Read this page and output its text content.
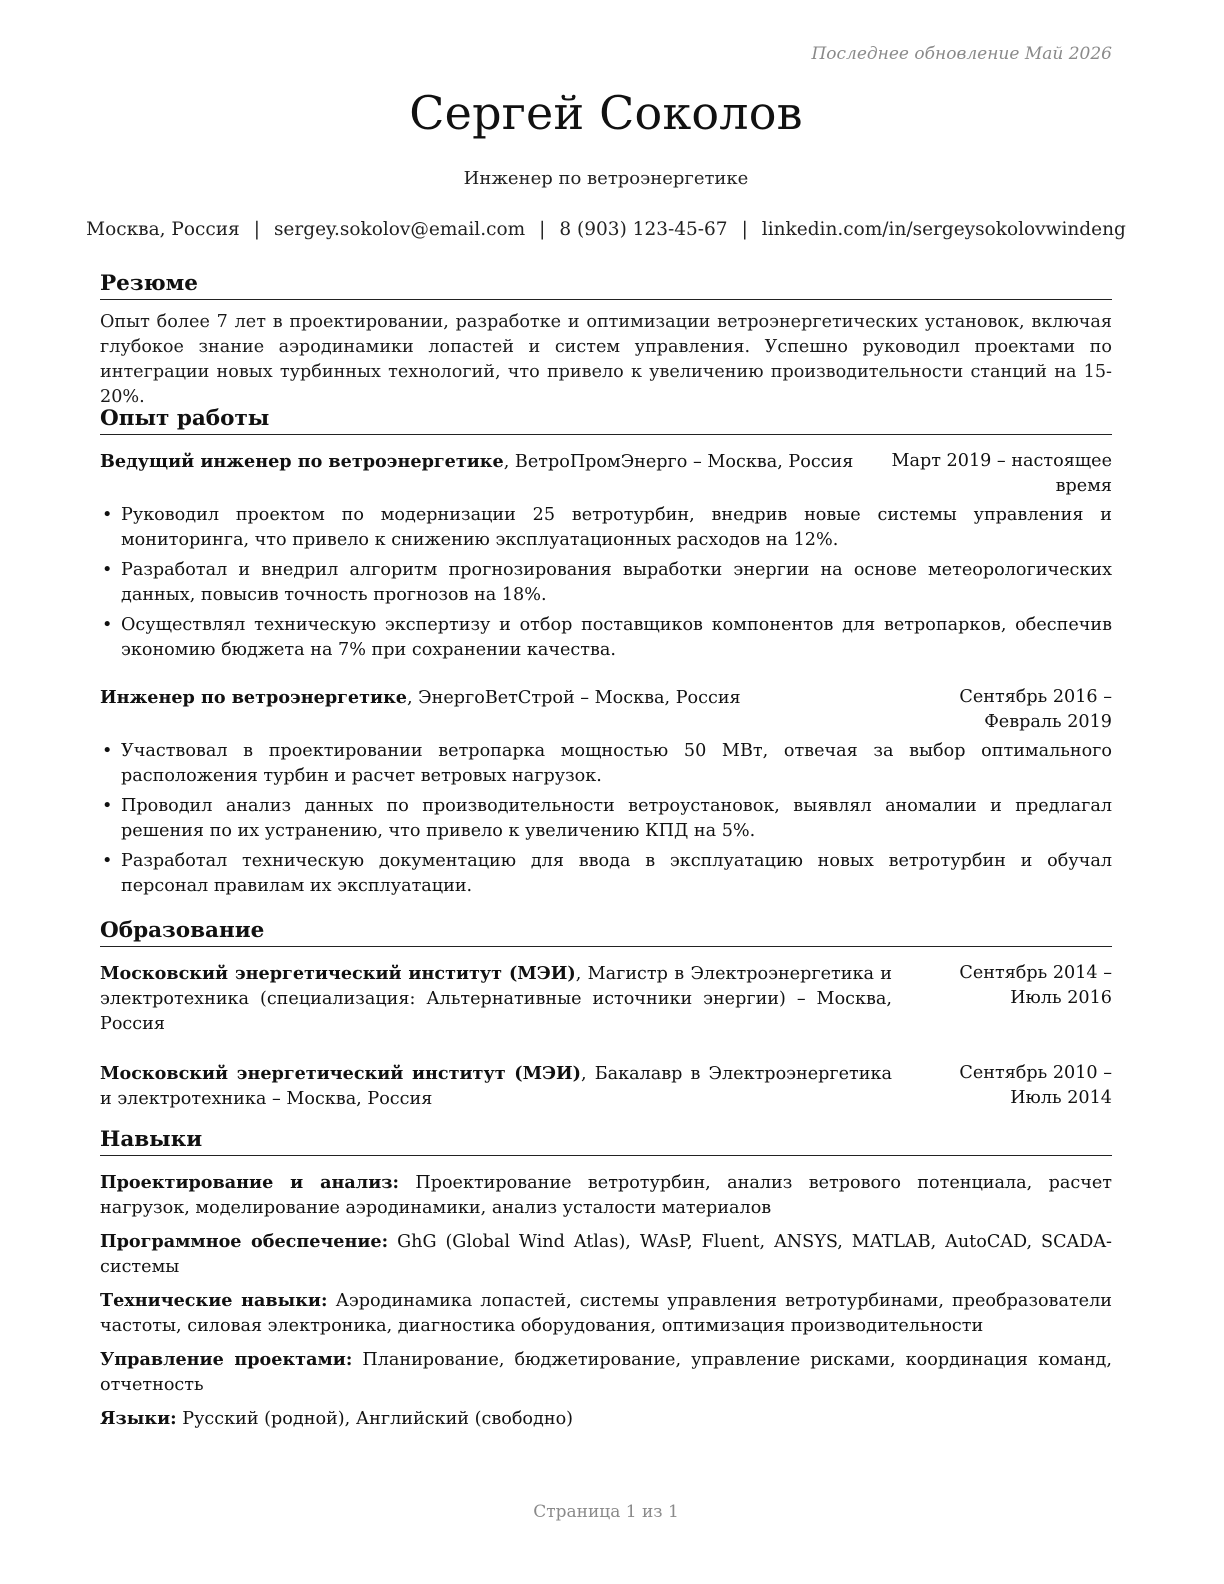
Последнее обновление Май 2026
Сергей Соколов
Инженер по ветроэнергетике
Москва, Россия | sergey.sokolov@email.com | 8 (903) 123-45-67 | linkedin.com/in/sergeysokolovwindeng
Резюме

Опыт более 7 лет в проектировании, разработке и оптимизации ветроэнергетических установок, включая глубокое знание аэродинамики лопастей и систем управления. Успешно руководил проектами по интеграции новых турбинных технологий, что привело к увеличению производительности станций на 15-20%.

Опыт работы
Ведущий инженер по ветроэнергетике, ВетроПромЭнерго – Москва, Россия	Март 2019 – настоящее время
• Руководил проектом по модернизации 25 ветротурбин, внедрив новые системы управления и мониторинга, что привело к снижению эксплуатационных расходов на 12%.
• Разработал и внедрил алгоритм прогнозирования выработки энергии на основе метеорологических данных, повысив точность прогнозов на 18%.
• Осуществлял техническую экспертизу и отбор поставщиков компонентов для ветропарков, обеспечив экономию бюджета на 7% при сохранении качества.
Инженер по ветроэнергетике, ЭнергоВетСтрой – Москва, Россия	Сентябрь 2016 – Февраль 2019
• Участвовал в проектировании ветропарка мощностью 50 МВт, отвечая за выбор оптимального расположения турбин и расчет ветровых нагрузок.
• Проводил анализ данных по производительности ветроустановок, выявлял аномалии и предлагал решения по их устранению, что привело к увеличению КПД на 5%.
• Разработал техническую документацию для ввода в эксплуатацию новых ветротурбин и обучал персонал правилам их эксплуатации.
Образование
Московский энергетический институт (МЭИ), Магистр в Электроэнергетика и электротехника (специализация: Альтернативные источники энергии) – Москва, Россия
Сентябрь 2014 – Июль 2016
Московский энергетический институт (МЭИ), Бакалавр в Электроэнергетика и электротехника – Москва, Россия
Сентябрь 2010 – Июль 2014
Навыки

Проектирование и анализ: Проектирование ветротурбин, анализ ветрового потенциала, расчет нагрузок, моделирование аэродинамики, анализ усталости материалов

Программное обеспечение: GhG (Global Wind Atlas), WAsP, Fluent, ANSYS, MATLAB, AutoCAD, SCADA-системы

Технические навыки: Аэродинамика лопастей, системы управления ветротурбинами, преобразователи частоты, силовая электроника, диагностика оборудования, оптимизация производительности

Управление проектами: Планирование, бюджетирование, управление рисками, координация команд, отчетность

Языки: Русский (родной), Английский (свободно)

Страница 1 из 1
